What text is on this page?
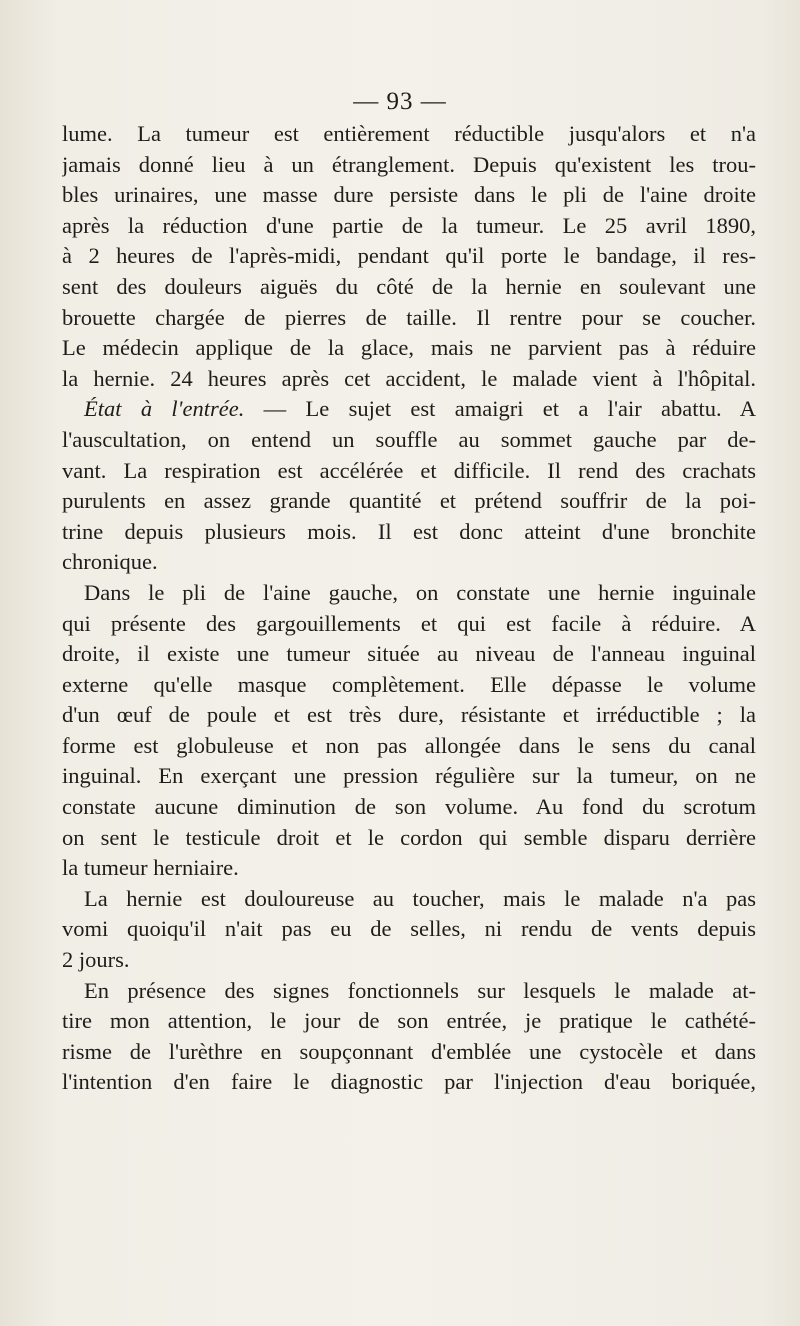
— 93 —
lume. La tumeur est entièrement réductible jusqu'alors et n'a
jamais donné lieu à un étranglement. Depuis qu'existent les trou-
bles urinaires, une masse dure persiste dans le pli de l'aine droite
après la réduction d'une partie de la tumeur. Le 25 avril 1890,
à 2 heures de l'après-midi, pendant qu'il porte le bandage, il res-
sent des douleurs aiguës du côté de la hernie en soulevant une
brouette chargée de pierres de taille. Il rentre pour se coucher.
Le médecin applique de la glace, mais ne parvient pas à réduire
la hernie. 24 heures après cet accident, le malade vient à l'hôpital.
État à l'entrée. — Le sujet est amaigri et a l'air abattu. A
l'auscultation, on entend un souffle au sommet gauche par de-
vant. La respiration est accélérée et difficile. Il rend des crachats
purulents en assez grande quantité et prétend souffrir de la poi-
trine depuis plusieurs mois. Il est donc atteint d'une bronchite
chronique.
Dans le pli de l'aine gauche, on constate une hernie inguinale
qui présente des gargouillements et qui est facile à réduire. A
droite, il existe une tumeur située au niveau de l'anneau inguinal
externe qu'elle masque complètement. Elle dépasse le volume
d'un œuf de poule et est très dure, résistante et irréductible ; la
forme est globuleuse et non pas allongée dans le sens du canal
inguinal. En exerçant une pression régulière sur la tumeur, on ne
constate aucune diminution de son volume. Au fond du scrotum
on sent le testicule droit et le cordon qui semble disparu derrière
la tumeur herniaire.
La hernie est douloureuse au toucher, mais le malade n'a pas
vomi quoiqu'il n'ait pas eu de selles, ni rendu de vents depuis
2 jours.
En présence des signes fonctionnels sur lesquels le malade at-
tire mon attention, le jour de son entrée, je pratique le cathété-
risme de l'urèthre en soupçonnant d'emblée une cystocèle et dans
l'intention d'en faire le diagnostic par l'injection d'eau boriquée,
